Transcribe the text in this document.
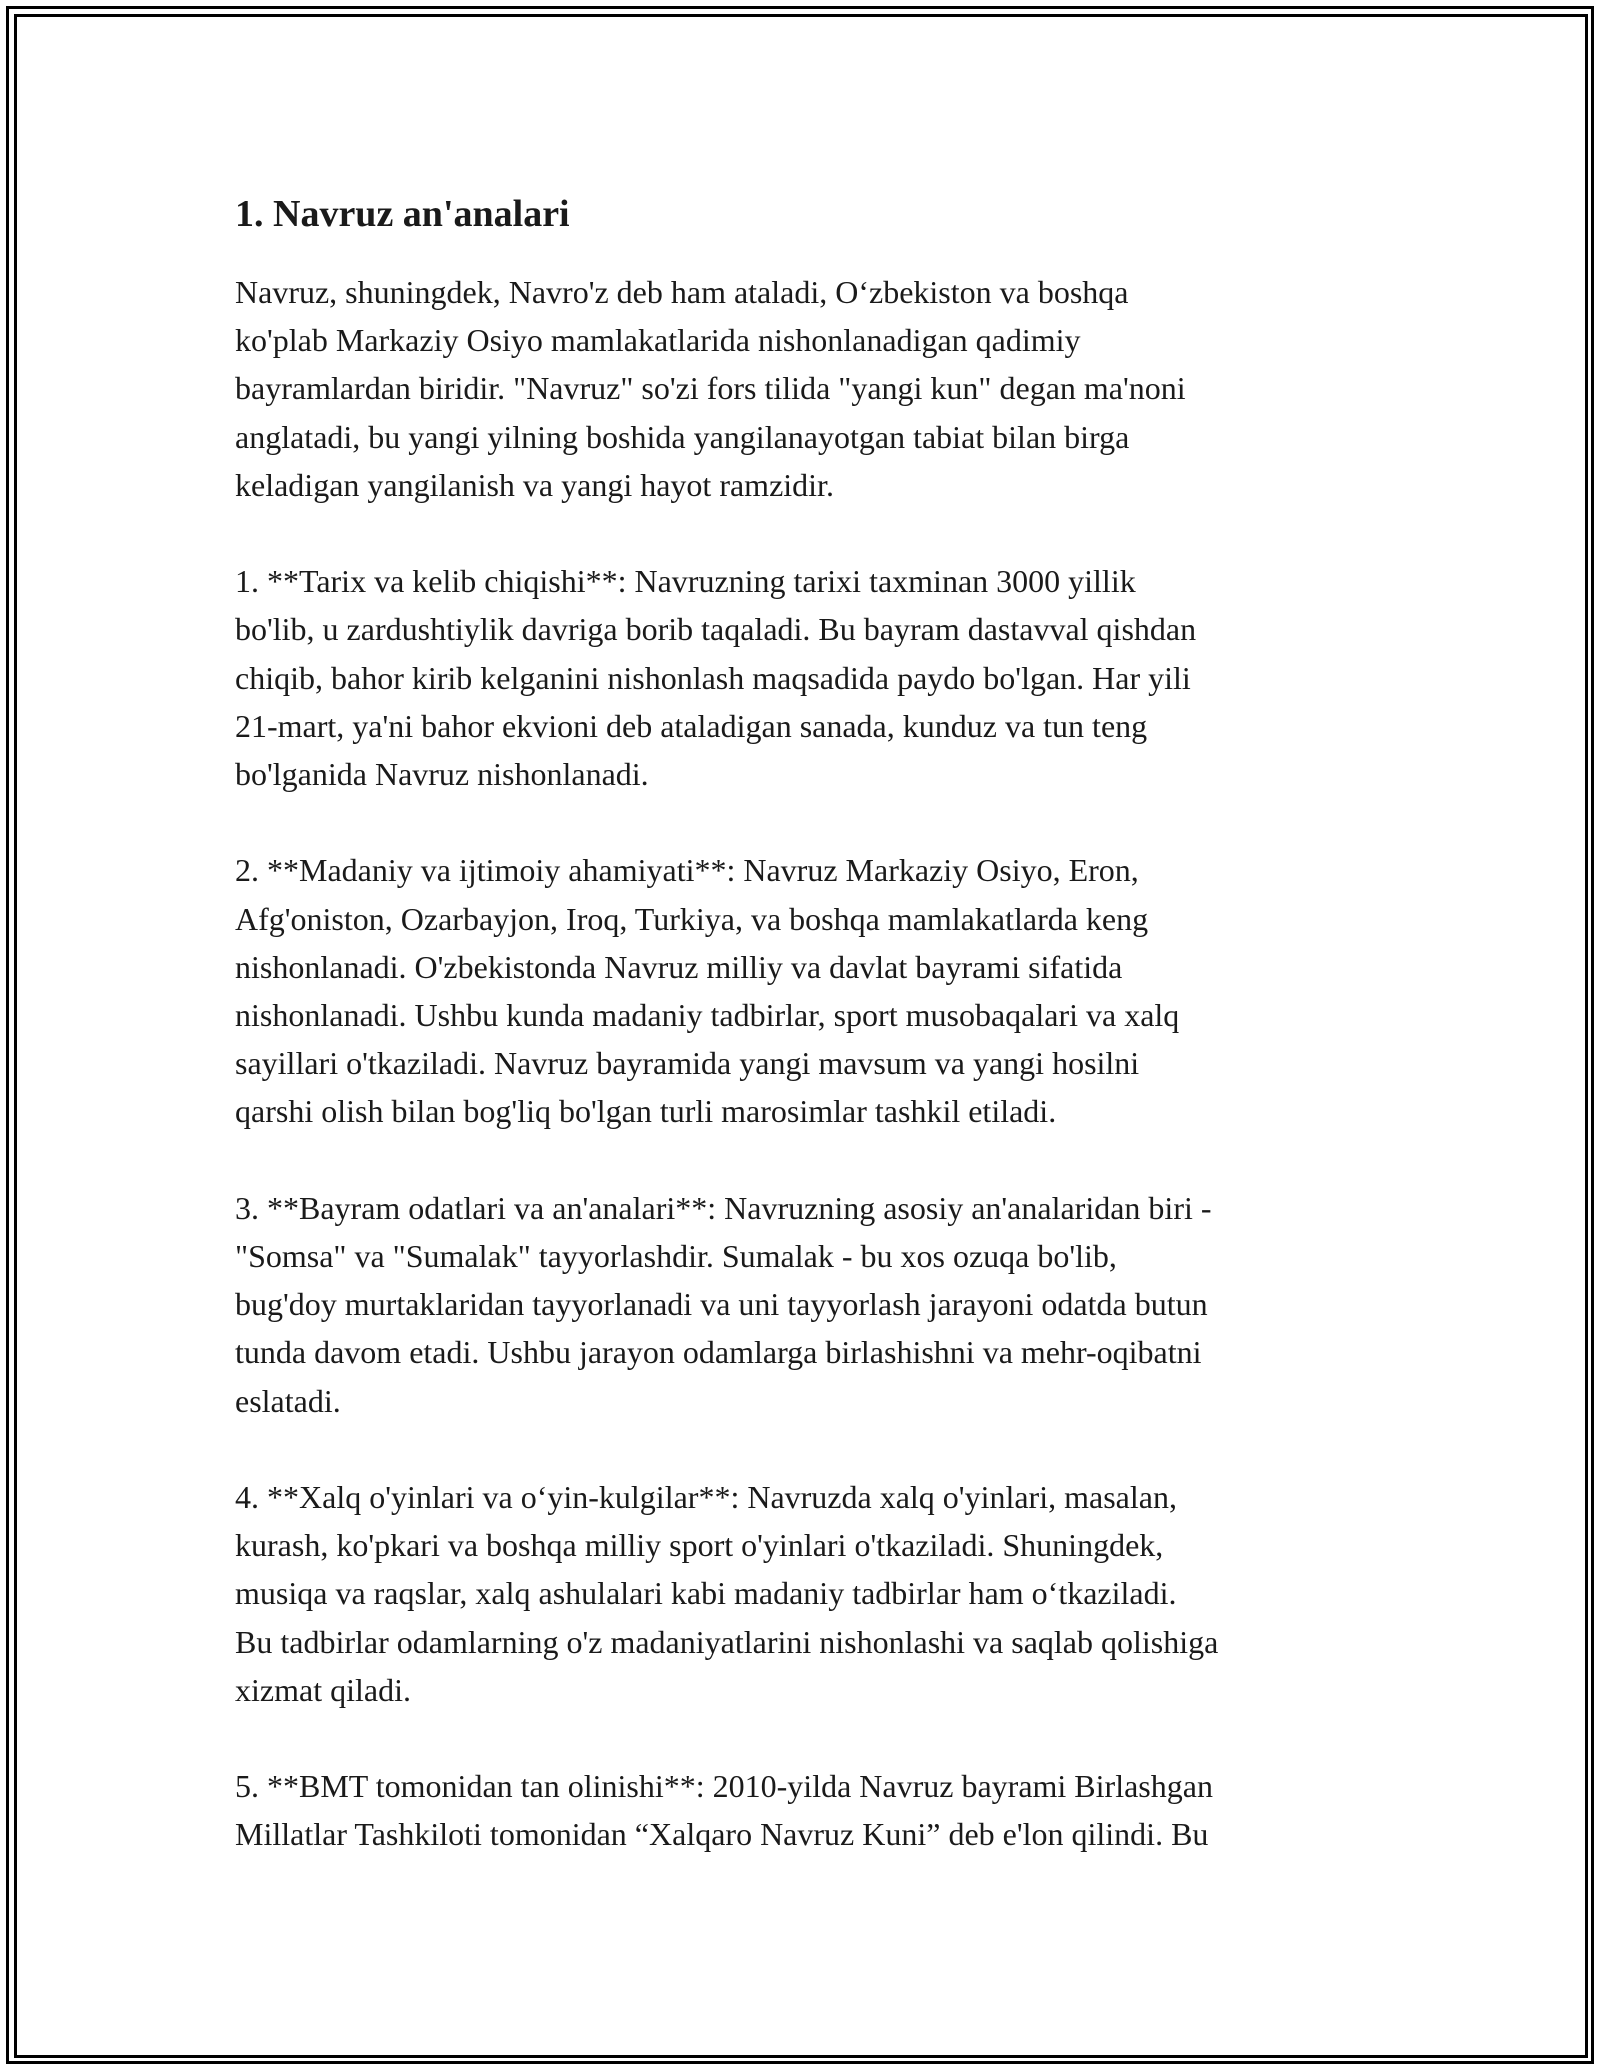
1. Navruz an'analari

Navruz, shuningdek, Navro'z deb ham ataladi, O‘zbekiston va boshqa
ko'plab Markaziy Osiyo mamlakatlarida nishonlanadigan qadimiy
bayramlardan biridir. "Navruz" so'zi fors tilida "yangi kun" degan ma'noni
anglatadi, bu yangi yilning boshida yangilanayotgan tabiat bilan birga
keladigan yangilanish va yangi hayot ramzidir.

1. **Tarix va kelib chiqishi**: Navruzning tarixi taxminan 3000 yillik
bo'lib, u zardushtiylik davriga borib taqaladi. Bu bayram dastavval qishdan
chiqib, bahor kirib kelganini nishonlash maqsadida paydo bo'lgan. Har yili
21-mart, ya'ni bahor ekvioni deb ataladigan sanada, kunduz va tun teng
bo'lganida Navruz nishonlanadi.

2. **Madaniy va ijtimoiy ahamiyati**: Navruz Markaziy Osiyo, Eron,
Afg'oniston, Ozarbayjon, Iroq, Turkiya, va boshqa mamlakatlarda keng
nishonlanadi. O'zbekistonda Navruz milliy va davlat bayrami sifatida
nishonlanadi. Ushbu kunda madaniy tadbirlar, sport musobaqalari va xalq
sayillari o'tkaziladi. Navruz bayramida yangi mavsum va yangi hosilni
qarshi olish bilan bog'liq bo'lgan turli marosimlar tashkil etiladi.

3. **Bayram odatlari va an'analari**: Navruzning asosiy an'analaridan biri -
"Somsa" va "Sumalak" tayyorlashdir. Sumalak - bu xos ozuqa bo'lib,
bug'doy murtaklaridan tayyorlanadi va uni tayyorlash jarayoni odatda butun
tunda davom etadi. Ushbu jarayon odamlarga birlashishni va mehr-oqibatni
eslatadi.

4. **Xalq o'yinlari va o‘yin-kulgilar**: Navruzda xalq o'yinlari, masalan,
kurash, ko'pkari va boshqa milliy sport o'yinlari o'tkaziladi. Shuningdek,
musiqa va raqslar, xalq ashulalari kabi madaniy tadbirlar ham o‘tkaziladi.
Bu tadbirlar odamlarning o'z madaniyatlarini nishonlashi va saqlab qolishiga
xizmat qiladi.

5. **BMT tomonidan tan olinishi**: 2010-yilda Navruz bayrami Birlashgan
Millatlar Tashkiloti tomonidan “Xalqaro Navruz Kuni” deb e'lon qilindi. Bu
